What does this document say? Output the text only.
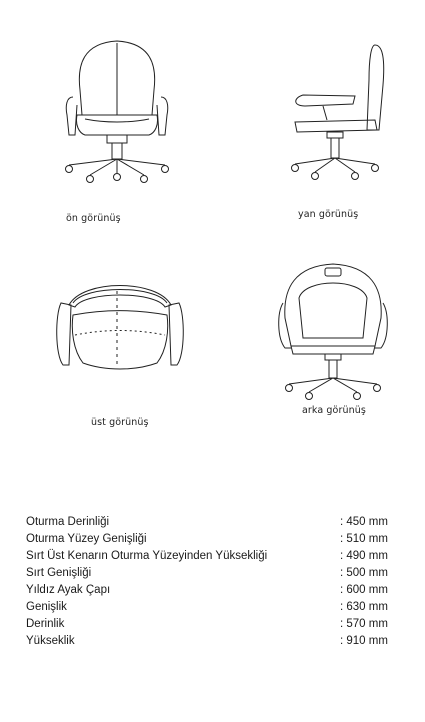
ön görünüş	yan görünüş
üst görünüş
arka görünüş
Oturma Derinliği	: 450 mm
Oturma Yüzey Genişliği	: 510 mm
Sırt Üst Kenarın Oturma Yüzeyinden Yüksekliği	: 490 mm
Sırt Genişliği	: 500 mm
Yıldız Ayak Çapı	: 600 mm
Genişlik	: 630 mm
Derinlik	: 570 mm
Yükseklik	: 910 mm
